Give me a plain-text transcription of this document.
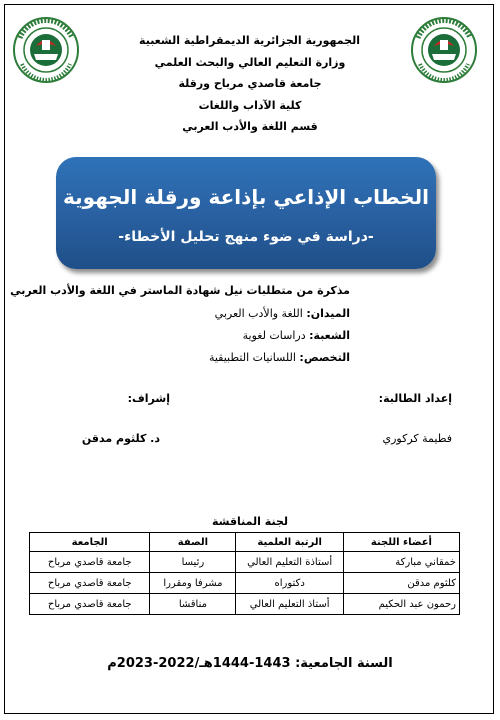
الجمهورية الجزائرية الديمقراطية الشعبية
وزارة التعليم العالي والبحث العلمي
جامعة قاصدي مرباح ورقلة
كلية الآداب واللغات
قسم اللغة والأدب العربي
الخطاب الإذاعي بإذاعة ورقلة الجهوية
-دراسة في ضوء منهج تحليل الأخطاء-
مذكرة من متطلبات نيل شهادة الماستر في اللغة والأدب العربي
الميدان: اللغة والأدب العربي
الشعبة: دراسات لغوية
التخصص: اللسانيات التطبيقية
إعداد الطالبة:
فطيمة كركوري
إشراف:
د. كلثوم مدقن
لجنة المناقشة
أعضاء اللجنة	الرتبة العلمية	الصفة	الجامعة
خمقاني مباركة	أستاذة التعليم العالي	رئيسا	جامعة قاصدي مرباح
كلثوم مدقن	دكتوراه	مشرفا ومقررا	جامعة قاصدي مرباح
رحمون عبد الحكيم	أستاذ التعليم العالي	مناقشا	جامعة قاصدي مرباح
السنة الجامعية: 1443-1444هـ/2022-2023م
